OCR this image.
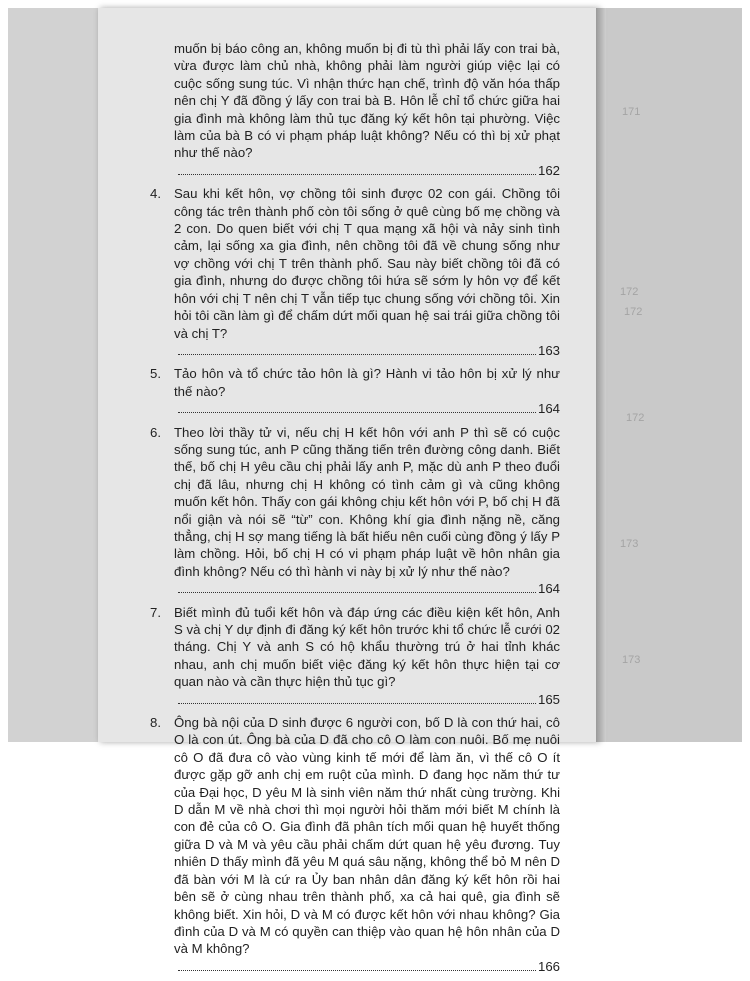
171
172
172
172
173
173
muốn bị báo công an, không muốn bị đi tù thì phải lấy con trai bà, vừa được làm chủ nhà, không phải làm người giúp việc lại có cuộc sống sung túc. Vì nhận thức hạn chế, trình độ văn hóa thấp nên chị Y đã đồng ý lấy con trai bà B. Hôn lễ chỉ tổ chức giữa hai gia đình mà không làm thủ tục đăng ký kết hôn tại phường. Việc làm của bà B có vi phạm pháp luật không? Nếu có thì bị xử phạt như thế nào?
162
4. Sau khi kết hôn, vợ chồng tôi sinh được 02 con gái. Chồng tôi công tác trên thành phố còn tôi sống ở quê cùng bố mẹ chồng và 2 con. Do quen biết với chị T qua mạng xã hội và nảy sinh tình cảm, lại sống xa gia đình, nên chồng tôi đã về chung sống như vợ chồng với chị T trên thành phố. Sau này biết chồng tôi đã có gia đình, nhưng do được chồng tôi hứa sẽ sớm ly hôn vợ để kết hôn với chị T nên chị T vẫn tiếp tục chung sống với chồng tôi. Xin hỏi tôi cần làm gì để chấm dứt mối quan hệ sai trái giữa chồng tôi và chị T?
163
5. Tảo hôn và tổ chức tảo hôn là gì? Hành vi tảo hôn bị xử lý như thế nào?
164
6. Theo lời thầy tử vi, nếu chị H kết hôn với anh P thì sẽ có cuộc sống sung túc, anh P cũng thăng tiến trên đường công danh. Biết thế, bố chị H yêu cầu chị phải lấy anh P, mặc dù anh P theo đuổi chị đã lâu, nhưng chị H không có tình cảm gì và cũng không muốn kết hôn. Thấy con gái không chịu kết hôn với P, bố chị H đã nổi giận và nói sẽ “từ” con. Không khí gia đình nặng nề, căng thẳng, chị H sợ mang tiếng là bất hiếu nên cuối cùng đồng ý lấy P làm chồng. Hỏi, bố chị H có vi phạm pháp luật về hôn nhân gia đình không? Nếu có thì hành vi này bị xử lý như thế nào?
164
7. Biết mình đủ tuổi kết hôn và đáp ứng các điều kiện kết hôn, Anh S và chị Y dự định đi đăng ký kết hôn trước khi tổ chức lễ cưới 02 tháng. Chị Y và anh S có hộ khẩu thường trú ở hai tỉnh khác nhau, anh chị muốn biết việc đăng ký kết hôn thực hiện tại cơ quan nào và cần thực hiện thủ tục gì?
165
8. Ông bà nội của D sinh được 6 người con, bố D là con thứ hai, cô O là con út. Ông bà của D đã cho cô O làm con nuôi. Bố mẹ nuôi cô O đã đưa cô vào vùng kinh tế mới để làm ăn, vì thế cô O ít được gặp gỡ anh chị em ruột của mình. D đang học năm thứ tư của Đại học, D yêu M là sinh viên năm thứ nhất cùng trường. Khi D dẫn M về nhà chơi thì mọi người hỏi thăm mới biết M chính là con đẻ của cô O. Gia đình đã phân tích mối quan hệ huyết thống giữa D và M và yêu cầu phải chấm dứt quan hệ yêu đương. Tuy nhiên D thấy mình đã yêu M quá sâu nặng, không thể bỏ M nên D đã bàn với M là cứ ra Ủy ban nhân dân đăng ký kết hôn rồi hai bên sẽ ở cùng nhau trên thành phố, xa cả hai quê, gia đình sẽ không biết. Xin hỏi, D và M có được kết hôn với nhau không? Gia đình của D và M có quyền can thiệp vào quan hệ hôn nhân của D và M không?
166
